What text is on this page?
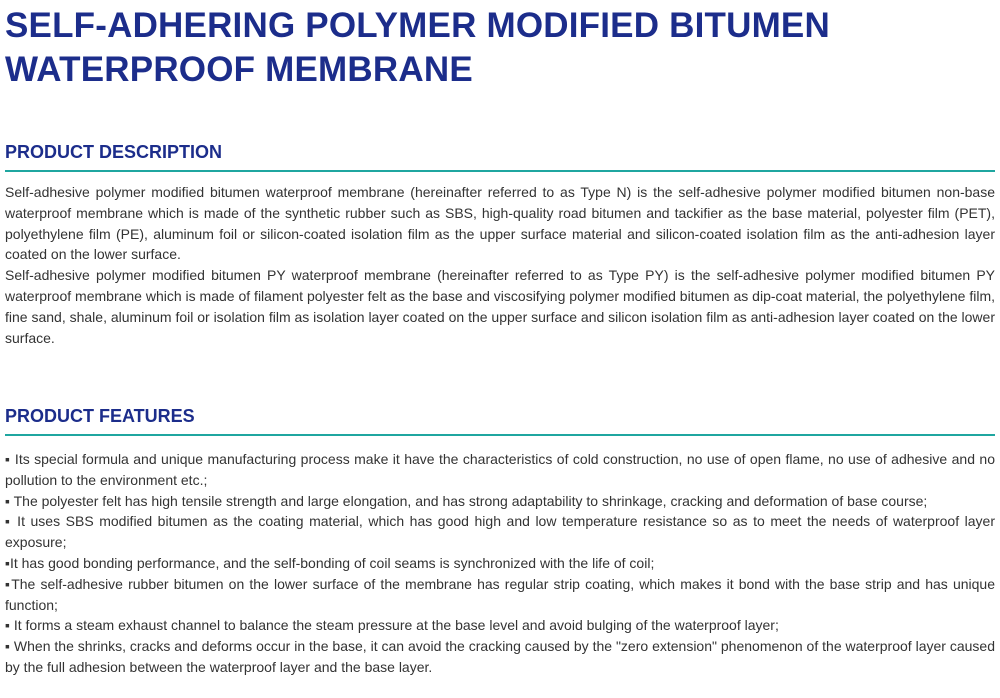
SELF-ADHERING POLYMER MODIFIED BITUMEN WATERPROOF MEMBRANE
PRODUCT DESCRIPTION

Self-adhesive polymer modified bitumen waterproof membrane (hereinafter referred to as Type N) is the self-adhesive polymer modified bitumen non-base waterproof membrane which is made of the synthetic rubber such as SBS, high-quality road bitumen and tackifier as the base material, polyester film (PET), polyethylene film (PE), aluminum foil or silicon-coated isolation film as the upper surface material and silicon-coated isolation film as the anti-adhesion layer coated on the lower surface.

Self-adhesive polymer modified bitumen PY waterproof membrane (hereinafter referred to as Type PY) is the self-adhesive polymer modified bitumen PY waterproof membrane which is made of filament polyester felt as the base and viscosifying polymer modified bitumen as dip-coat material, the polyethylene film, fine sand, shale, aluminum foil or isolation film as isolation layer coated on the upper surface and silicon isolation film as anti-adhesion layer coated on the lower surface.

PRODUCT FEATURES
▪ Its special formula and unique manufacturing process make it have the characteristics of cold construction, no use of open flame, no use of adhesive and no pollution to the environment etc.;
▪ The polyester felt has high tensile strength and large elongation, and has strong adaptability to shrinkage, cracking and deformation of base course;
▪ It uses SBS modified bitumen as the coating material, which has good high and low temperature resistance so as to meet the needs of waterproof layer exposure;
▪It has good bonding performance, and the self-bonding of coil seams is synchronized with the life of coil;
▪The self-adhesive rubber bitumen on the lower surface of the membrane has regular strip coating, which makes it bond with the base strip and has unique function;
▪ It forms a steam exhaust channel to balance the steam pressure at the base level and avoid bulging of the waterproof layer;
▪ When the shrinks, cracks and deforms occur in the base, it can avoid the cracking caused by the "zero extension" phenomenon of the waterproof layer caused by the full adhesion between the waterproof layer and the base layer.
